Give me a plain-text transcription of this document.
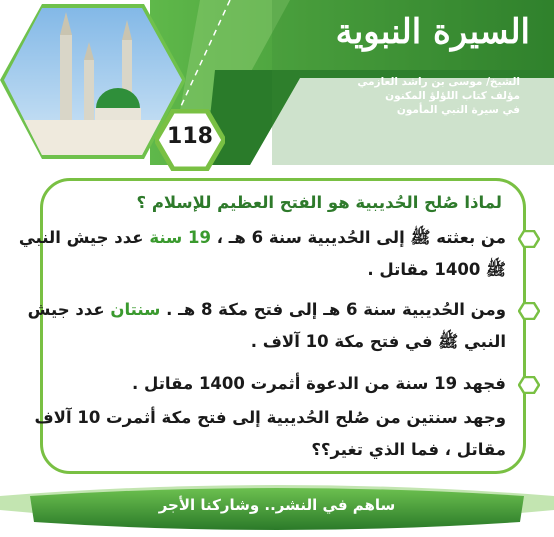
السيرة النبوية
الشيخ/ موسى بن راشد العازمي
مؤلف كتاب اللؤلؤ المكنون
في سيرة النبي المأمون
118
لماذا صُلح الحُديبية هو الفتح العظيم للإسلام ؟
من بعثته ﷺ إلى الحُديبية سنة 6 هـ ، 19 سنة عدد جيش النبي
ﷺ 1400 مقاتل .
ومن الحُديبية سنة 6 هـ إلى فتح مكة 8 هـ . سنتان عدد جيش
النبي ﷺ في فتح مكة 10 آلاف .
فجهد 19 سنة من الدعوة أثمرت 1400 مقاتل .
وجهد سنتين من صُلح الحُديبية إلى فتح مكة أثمرت 10 آلاف
مقاتل ، فما الذي تغير؟؟
ساهم في النشر.. وشاركنا الأجر
